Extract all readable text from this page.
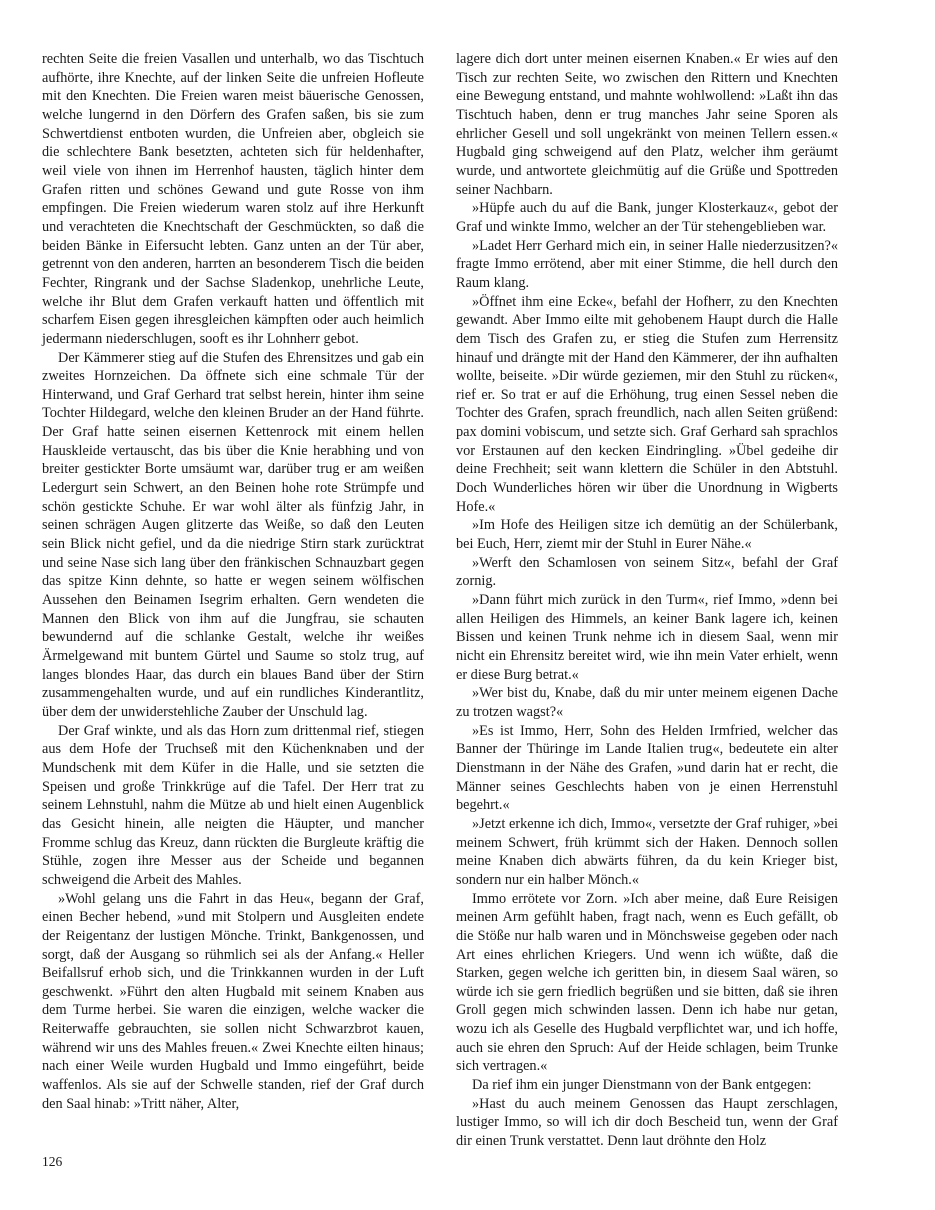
rechten Seite die freien Vasallen und unterhalb, wo das Tischtuch aufhörte, ihre Knechte, auf der linken Seite die unfreien Hofleute mit den Knechten. Die Freien waren meist bäuerische Genossen, welche lungernd in den Dörfern des Grafen saßen, bis sie zum Schwertdienst entboten wurden, die Unfreien aber, obgleich sie die schlechtere Bank besetzten, achteten sich für heldenhafter, weil viele von ihnen im Herrenhof hausten, täglich hinter dem Grafen ritten und schönes Gewand und gute Rosse von ihm empfingen. Die Freien wiederum waren stolz auf ihre Herkunft und verachteten die Knechtschaft der Geschmückten, so daß die beiden Bänke in Eifersucht lebten. Ganz unten an der Tür aber, getrennt von den anderen, harrten an besonderem Tisch die beiden Fechter, Ringrank und der Sachse Sladenkop, unehrliche Leute, welche ihr Blut dem Grafen verkauft hatten und öffentlich mit scharfem Eisen gegen ihresgleichen kämpften oder auch heimlich jedermann niederschlugen, sooft es ihr Lohnherr gebot.

Der Kämmerer stieg auf die Stufen des Ehrensitzes und gab ein zweites Hornzeichen. Da öffnete sich eine schmale Tür der Hinterwand, und Graf Gerhard trat selbst herein, hinter ihm seine Tochter Hildegard, welche den kleinen Bruder an der Hand führte. Der Graf hatte seinen eisernen Kettenrock mit einem hellen Hauskleide vertauscht, das bis über die Knie herabhing und von breiter gestickter Borte umsäumt war, darüber trug er am weißen Ledergurt sein Schwert, an den Beinen hohe rote Strümpfe und schön gestickte Schuhe. Er war wohl älter als fünfzig Jahr, in seinen schrägen Augen glitzerte das Weiße, so daß den Leuten sein Blick nicht gefiel, und da die niedrige Stirn stark zurücktrat und seine Nase sich lang über den fränkischen Schnauzbart gegen das spitze Kinn dehnte, so hatte er wegen seinem wölfischen Aussehen den Beinamen Isegrim erhalten. Gern wendeten die Mannen den Blick von ihm auf die Jungfrau, sie schauten bewundernd auf die schlanke Gestalt, welche ihr weißes Ärmelgewand mit buntem Gürtel und Saume so stolz trug, auf langes blondes Haar, das durch ein blaues Band über der Stirn zusammengehalten wurde, und auf ein rundliches Kinderantlitz, über dem der unwiderstehliche Zauber der Unschuld lag.

Der Graf winkte, und als das Horn zum drittenmal rief, stiegen aus dem Hofe der Truchseß mit den Küchenknaben und der Mundschenk mit dem Küfer in die Halle, und sie setzten die Speisen und große Trinkkrüge auf die Tafel. Der Herr trat zu seinem Lehnstuhl, nahm die Mütze ab und hielt einen Augenblick das Gesicht hinein, alle neigten die Häupter, und mancher Fromme schlug das Kreuz, dann rückten die Burgleute kräftig die Stühle, zogen ihre Messer aus der Scheide und begannen schweigend die Arbeit des Mahles.

»Wohl gelang uns die Fahrt in das Heu«, begann der Graf, einen Becher hebend, »und mit Stolpern und Ausgleiten endete der Reigentanz der lustigen Mönche. Trinkt, Bankgenossen, und sorgt, daß der Ausgang so rühmlich sei als der Anfang.« Heller Beifallsruf erhob sich, und die Trinkkannen wurden in der Luft geschwenkt. »Führt den alten Hugbald mit seinem Knaben aus dem Turme herbei. Sie waren die einzigen, welche wacker die Reiterwaffe gebrauchten, sie sollen nicht Schwarzbrot kauen, während wir uns des Mahles freuen.« Zwei Knechte eilten hinaus; nach einer Weile wurden Hugbald und Immo eingeführt, beide waffenlos. Als sie auf der Schwelle standen, rief der Graf durch den Saal hinab: »Tritt näher, Alter,

lagere dich dort unter meinen eisernen Knaben.« Er wies auf den Tisch zur rechten Seite, wo zwischen den Rittern und Knechten eine Bewegung entstand, und mahnte wohlwollend: »Laßt ihn das Tischtuch haben, denn er trug manches Jahr seine Sporen als ehrlicher Gesell und soll ungekränkt von meinen Tellern essen.« Hugbald ging schweigend auf den Platz, welcher ihm geräumt wurde, und antwortete gleichmütig auf die Grüße und Spottreden seiner Nachbarn.

»Hüpfe auch du auf die Bank, junger Klosterkauz«, gebot der Graf und winkte Immo, welcher an der Tür stehengeblieben war.

»Ladet Herr Gerhard mich ein, in seiner Halle niederzusitzen?« fragte Immo errötend, aber mit einer Stimme, die hell durch den Raum klang.

»Öffnet ihm eine Ecke«, befahl der Hofherr, zu den Knechten gewandt. Aber Immo eilte mit gehobenem Haupt durch die Halle dem Tisch des Grafen zu, er stieg die Stufen zum Herrensitz hinauf und drängte mit der Hand den Kämmerer, der ihn aufhalten wollte, beiseite. »Dir würde geziemen, mir den Stuhl zu rücken«, rief er. So trat er auf die Erhöhung, trug einen Sessel neben die Tochter des Grafen, sprach freundlich, nach allen Seiten grüßend: pax domini vobiscum, und setzte sich. Graf Gerhard sah sprachlos vor Erstaunen auf den kecken Eindringling. »Übel gedeihe dir deine Frechheit; seit wann klettern die Schüler in den Abtstuhl. Doch Wunderliches hören wir über die Unordnung in Wigberts Hofe.«

»Im Hofe des Heiligen sitze ich demütig an der Schülerbank, bei Euch, Herr, ziemt mir der Stuhl in Eurer Nähe.«

»Werft den Schamlosen von seinem Sitz«, befahl der Graf zornig.

»Dann führt mich zurück in den Turm«, rief Immo, »denn bei allen Heiligen des Himmels, an keiner Bank lagere ich, keinen Bissen und keinen Trunk nehme ich in diesem Saal, wenn mir nicht ein Ehrensitz bereitet wird, wie ihn mein Vater erhielt, wenn er diese Burg betrat.«

»Wer bist du, Knabe, daß du mir unter meinem eigenen Dache zu trotzen wagst?«

»Es ist Immo, Herr, Sohn des Helden Irmfried, welcher das Banner der Thüringe im Lande Italien trug«, bedeutete ein alter Dienstmann in der Nähe des Grafen, »und darin hat er recht, die Männer seines Geschlechts haben von je einen Herrenstuhl begehrt.«

»Jetzt erkenne ich dich, Immo«, versetzte der Graf ruhiger, »bei meinem Schwert, früh krümmt sich der Haken. Dennoch sollen meine Knaben dich abwärts führen, da du kein Krieger bist, sondern nur ein halber Mönch.«

Immo errötete vor Zorn. »Ich aber meine, daß Eure Reisigen meinen Arm gefühlt haben, fragt nach, wenn es Euch gefällt, ob die Stöße nur halb waren und in Mönchsweise gegeben oder nach Art eines ehrlichen Kriegers. Und wenn ich wüßte, daß die Starken, gegen welche ich geritten bin, in diesem Saal wären, so würde ich sie gern friedlich begrüßen und sie bitten, daß sie ihren Groll gegen mich schwinden lassen. Denn ich habe nur getan, wozu ich als Geselle des Hugbald verpflichtet war, und ich hoffe, auch sie ehren den Spruch: Auf der Heide schlagen, beim Trunke sich vertragen.«

Da rief ihm ein junger Dienstmann von der Bank entgegen:

»Hast du auch meinem Genossen das Haupt zerschlagen, lustiger Immo, so will ich dir doch Bescheid tun, wenn der Graf dir einen Trunk verstattet. Denn laut dröhnte den Holz

126
